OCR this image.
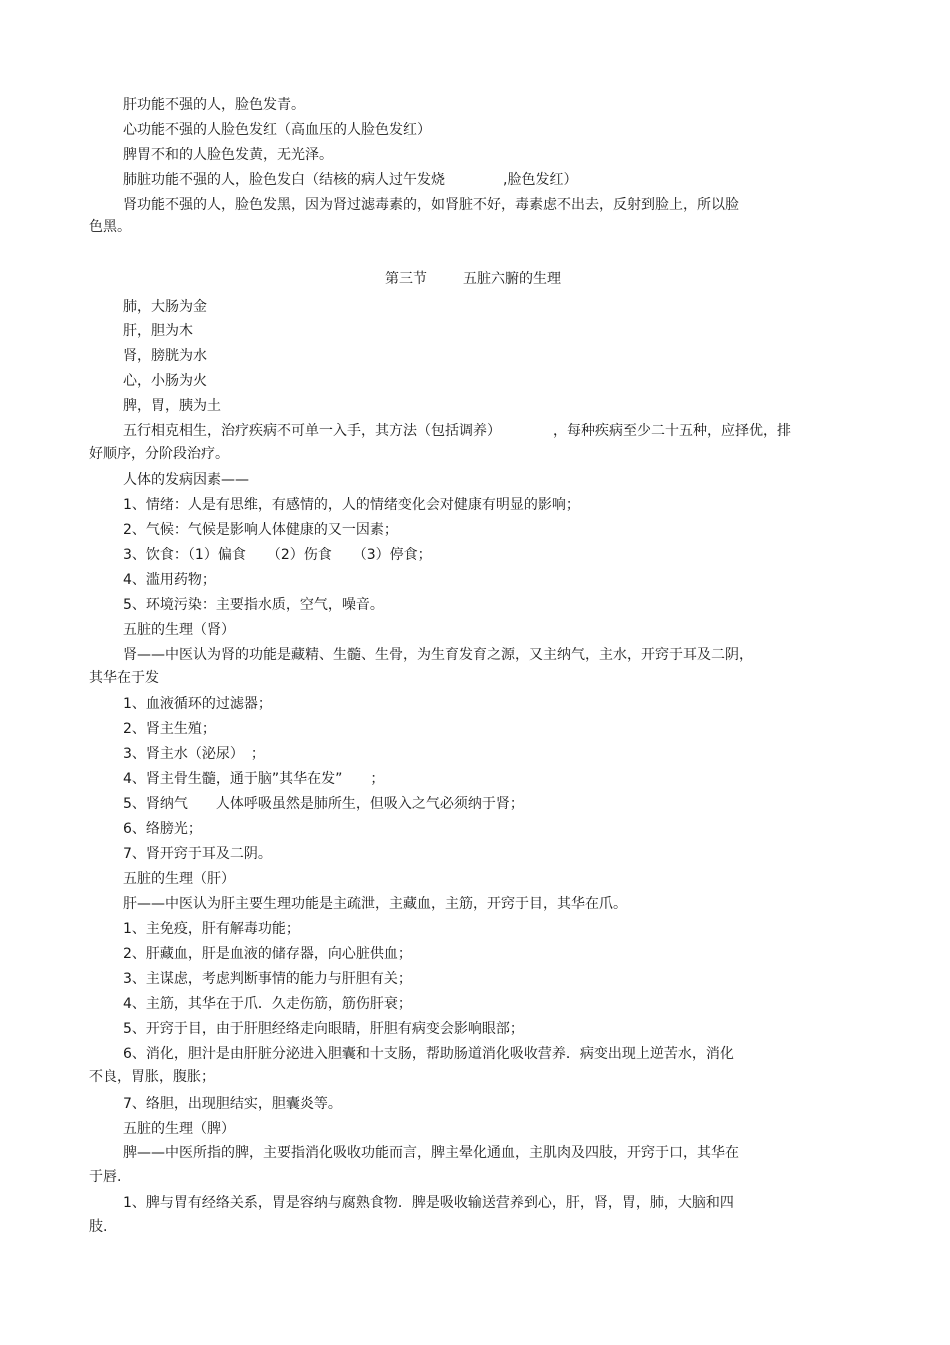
肝功能不强的人，脸色发青。
心功能不强的人脸色发红（高血压的人脸色发红）
脾胃不和的人脸色发黄，无光泽。
肺脏功能不强的人，脸色发白（结核的病人过午发烧	,脸色发红）
肾功能不强的人，脸色发黑，因为肾过滤毒素的，如肾脏不好，毒素虑不出去，反射到脸上，所以脸
色黑。
第三节	五脏六腑的生理
肺，大肠为金
肝，胆为木
肾，膀胱为水
心，小肠为火
脾，胃，胰为土
五行相克相生，治疗疾病不可单一入手，其方法（包括调养）	，每种疾病至少二十五种，应择优，排
好顺序，分阶段治疗。
人体的发病因素——
1、情绪：人是有思维，有感情的，人的情绪变化会对健康有明显的影响；
2、气候：气候是影响人体健康的又一因素；
3、饮食：（1）偏食　　（2）伤食　　（3）停食；
4、滥用药物；
5、环境污染：主要指水质，空气，噪音。
五脏的生理（肾）
肾——中医认为肾的功能是藏精、生髓、生骨，为生育发育之源，又主纳气，主水，开窍于耳及二阴，
其华在于发
1、血液循环的过滤器；
2、肾主生殖；
3、肾主水（泌尿）　；
4、肾主骨生髓，通于脑”其华在发”　　；
5、肾纳气　　人体呼吸虽然是肺所生，但吸入之气必须纳于肾；
6、络膀光；
7、肾开窍于耳及二阴。
五脏的生理（肝）
肝——中医认为肝主要生理功能是主疏泄，主藏血，主筋，开窍于目，其华在爪。
1、主免疫，肝有解毒功能；
2、肝藏血，肝是血液的储存器，向心脏供血；
3、主谋虑，考虑判断事情的能力与肝胆有关；
4、主筋，其华在于爪．久走伤筋，筋伤肝衰；
5、开窍于目，由于肝胆经络走向眼睛，肝胆有病变会影响眼部；
6、消化，胆汁是由肝脏分泌进入胆囊和十支肠，帮助肠道消化吸收营养．病变出现上逆苦水，消化
不良，胃胀，腹胀；
7、络胆，出现胆结实，胆囊炎等。
五脏的生理（脾）
脾——中医所指的脾，主要指消化吸收功能而言，脾主晕化通血，主肌肉及四肢，开窍于口，其华在
于唇.
1、脾与胃有经络关系，胃是容纳与腐熟食物．脾是吸收输送营养到心，肝，肾，胃，肺，大脑和四
肢.
